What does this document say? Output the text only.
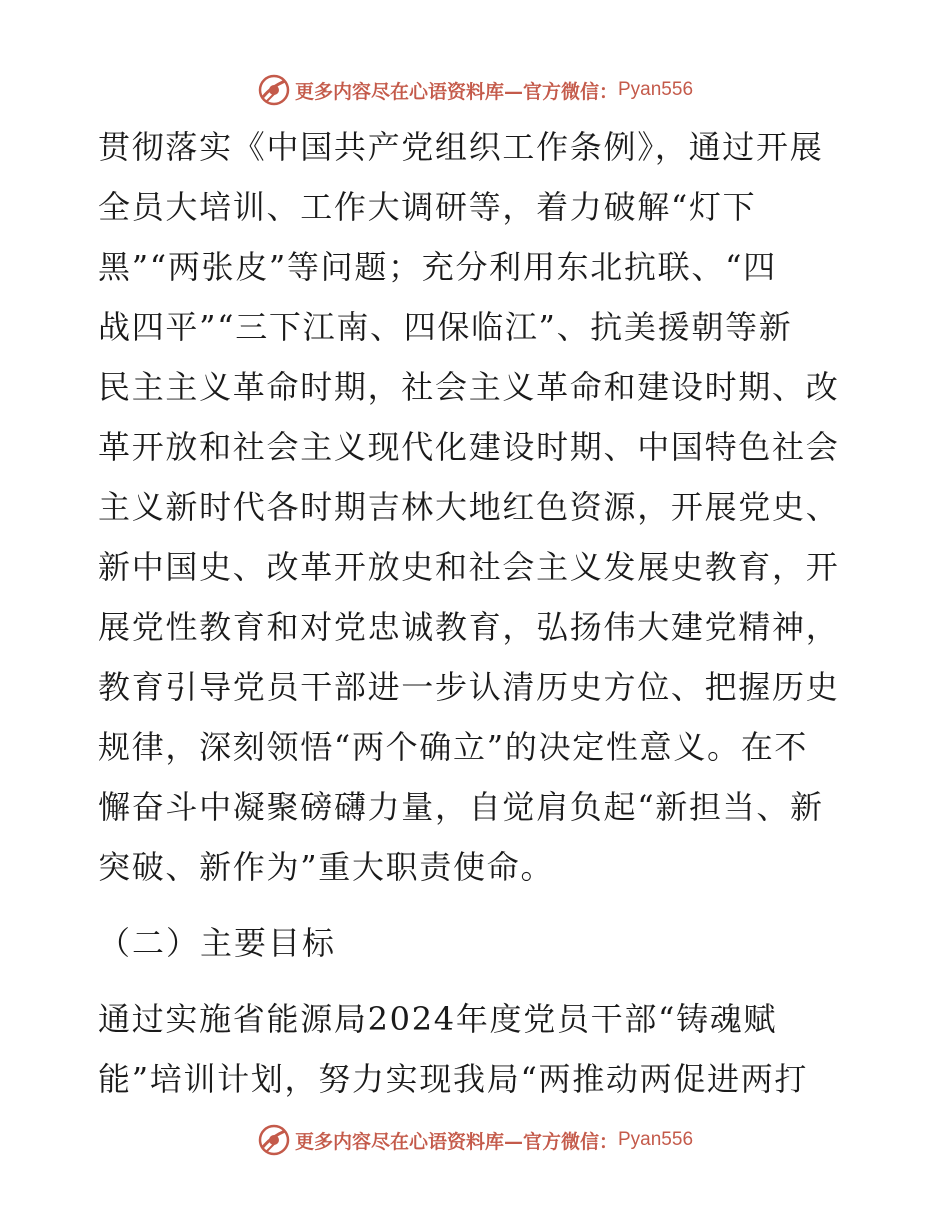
更多内容尽在心语资料库—官方微信： Pyan556
贯彻落实《中国共产党组织工作条例》，通过开展
全员大培训、工作大调研等，着力破解“灯下
黑”“两张皮”等问题；充分利用东北抗联、“四
战四平”“三下江南、四保临江”、抗美援朝等新
民主主义革命时期，社会主义革命和建设时期、改
革开放和社会主义现代化建设时期、中国特色社会
主义新时代各时期吉林大地红色资源，开展党史、
新中国史、改革开放史和社会主义发展史教育，开
展党性教育和对党忠诚教育，弘扬伟大建党精神，
教育引导党员干部进一步认清历史方位、把握历史
规律，深刻领悟“两个确立”的决定性意义。在不
懈奋斗中凝聚磅礴力量，自觉肩负起“新担当、新
突破、新作为”重大职责使命。
（二）主要目标
通过实施省能源局2024年度党员干部“铸魂赋
能”培训计划，努力实现我局“两推动两促进两打
更多内容尽在心语资料库—官方微信： Pyan556
